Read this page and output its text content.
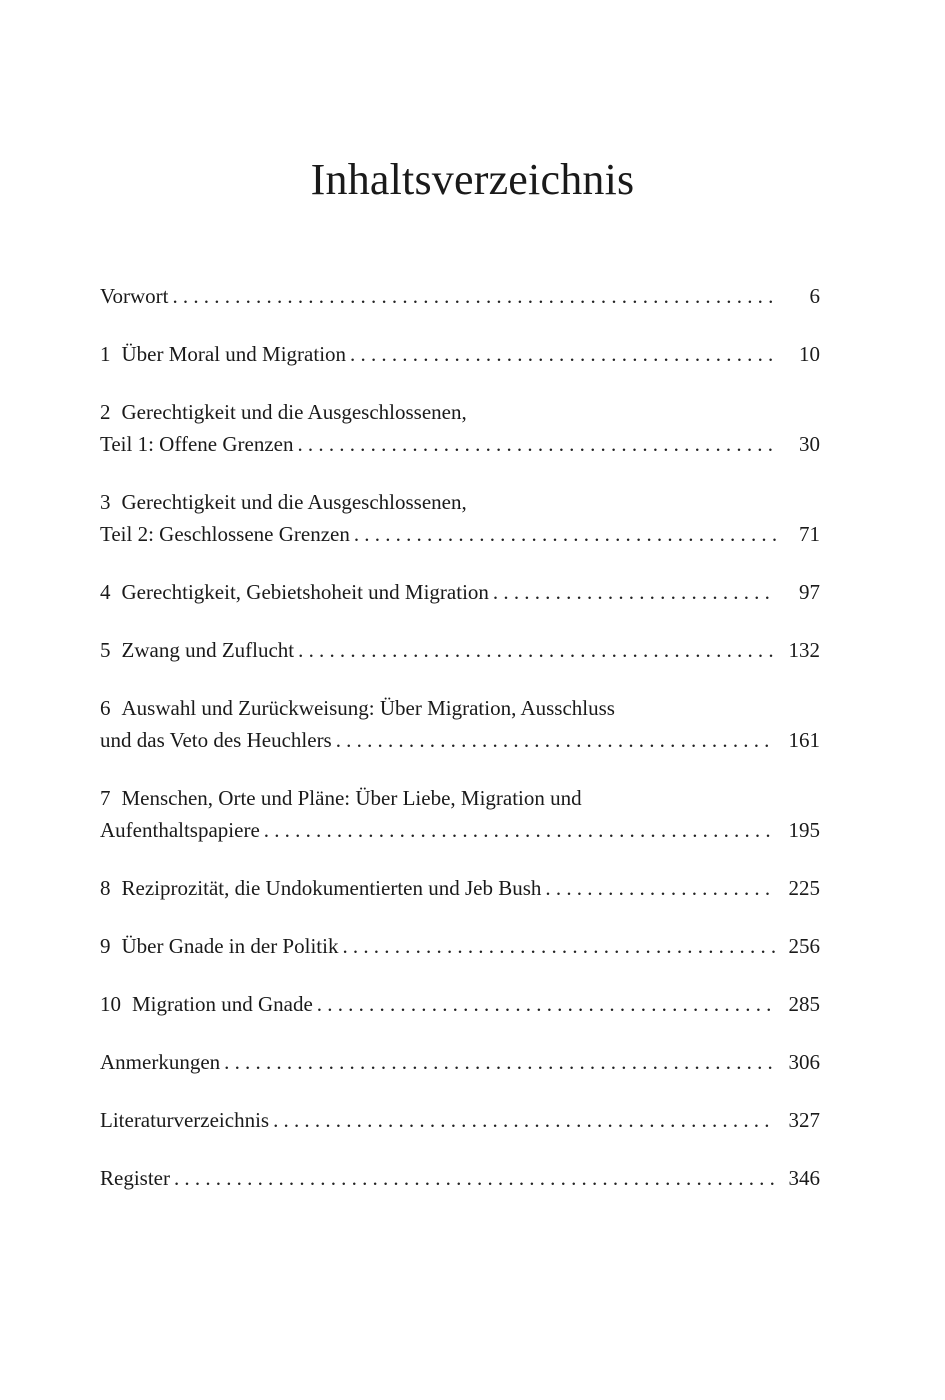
Inhaltsverzeichnis
Vorwort .....	6
1 Über Moral und Migration .....	10
2 Gerechtigkeit und die Ausgeschlossenen,
Teil 1: Offene Grenzen .....	30
3 Gerechtigkeit und die Ausgeschlossenen,
Teil 2: Geschlossene Grenzen .....	71
4 Gerechtigkeit, Gebietshoheit und Migration .....	97
5 Zwang und Zuflucht .....	132
6 Auswahl und Zurückweisung: Über Migration, Ausschluss
und das Veto des Heuchlers .....	161
7 Menschen, Orte und Pläne: Über Liebe, Migration und
Aufenthaltspapiere .....	195
8 Reziprozität, die Undokumentierten und Jeb Bush .....	225
9 Über Gnade in der Politik .....	256
10 Migration und Gnade .....	285
Anmerkungen .....	306
Literaturverzeichnis .....	327
Register .....	346
